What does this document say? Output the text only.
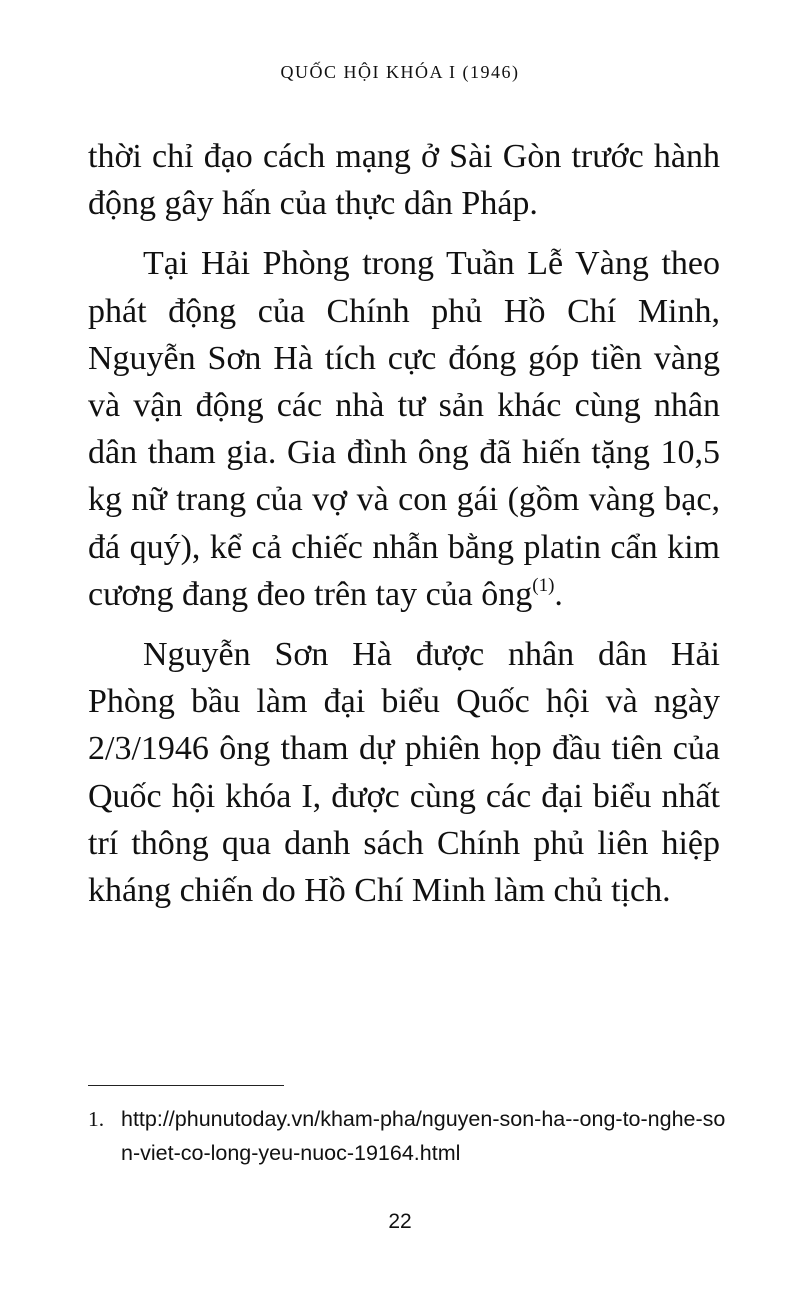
QUỐC HỘI KHÓA I (1946)

thời chỉ đạo cách mạng ở Sài Gòn trước hành động gây hấn của thực dân Pháp.

Tại Hải Phòng trong Tuần Lễ Vàng theo phát động của Chính phủ Hồ Chí Minh, Nguyễn Sơn Hà tích cực đóng góp tiền vàng và vận động các nhà tư sản khác cùng nhân dân tham gia. Gia đình ông đã hiến tặng 10,5 kg nữ trang của vợ và con gái (gồm vàng bạc, đá quý), kể cả chiếc nhẫn bằng platin cẩn kim cương đang đeo trên tay của ông$^{(1)}$.

Nguyễn Sơn Hà được nhân dân Hải Phòng bầu làm đại biểu Quốc hội và ngày 2/3/1946 ông tham dự phiên họp đầu tiên của Quốc hội khóa I, được cùng các đại biểu nhất trí thông qua danh sách Chính phủ liên hiệp kháng chiến do Hồ Chí Minh làm chủ tịch.

1. http://phunutoday.vn/kham-pha/nguyen-son-ha--ong-to-nghe-son-viet-co-long-yeu-nuoc-19164.html
22
